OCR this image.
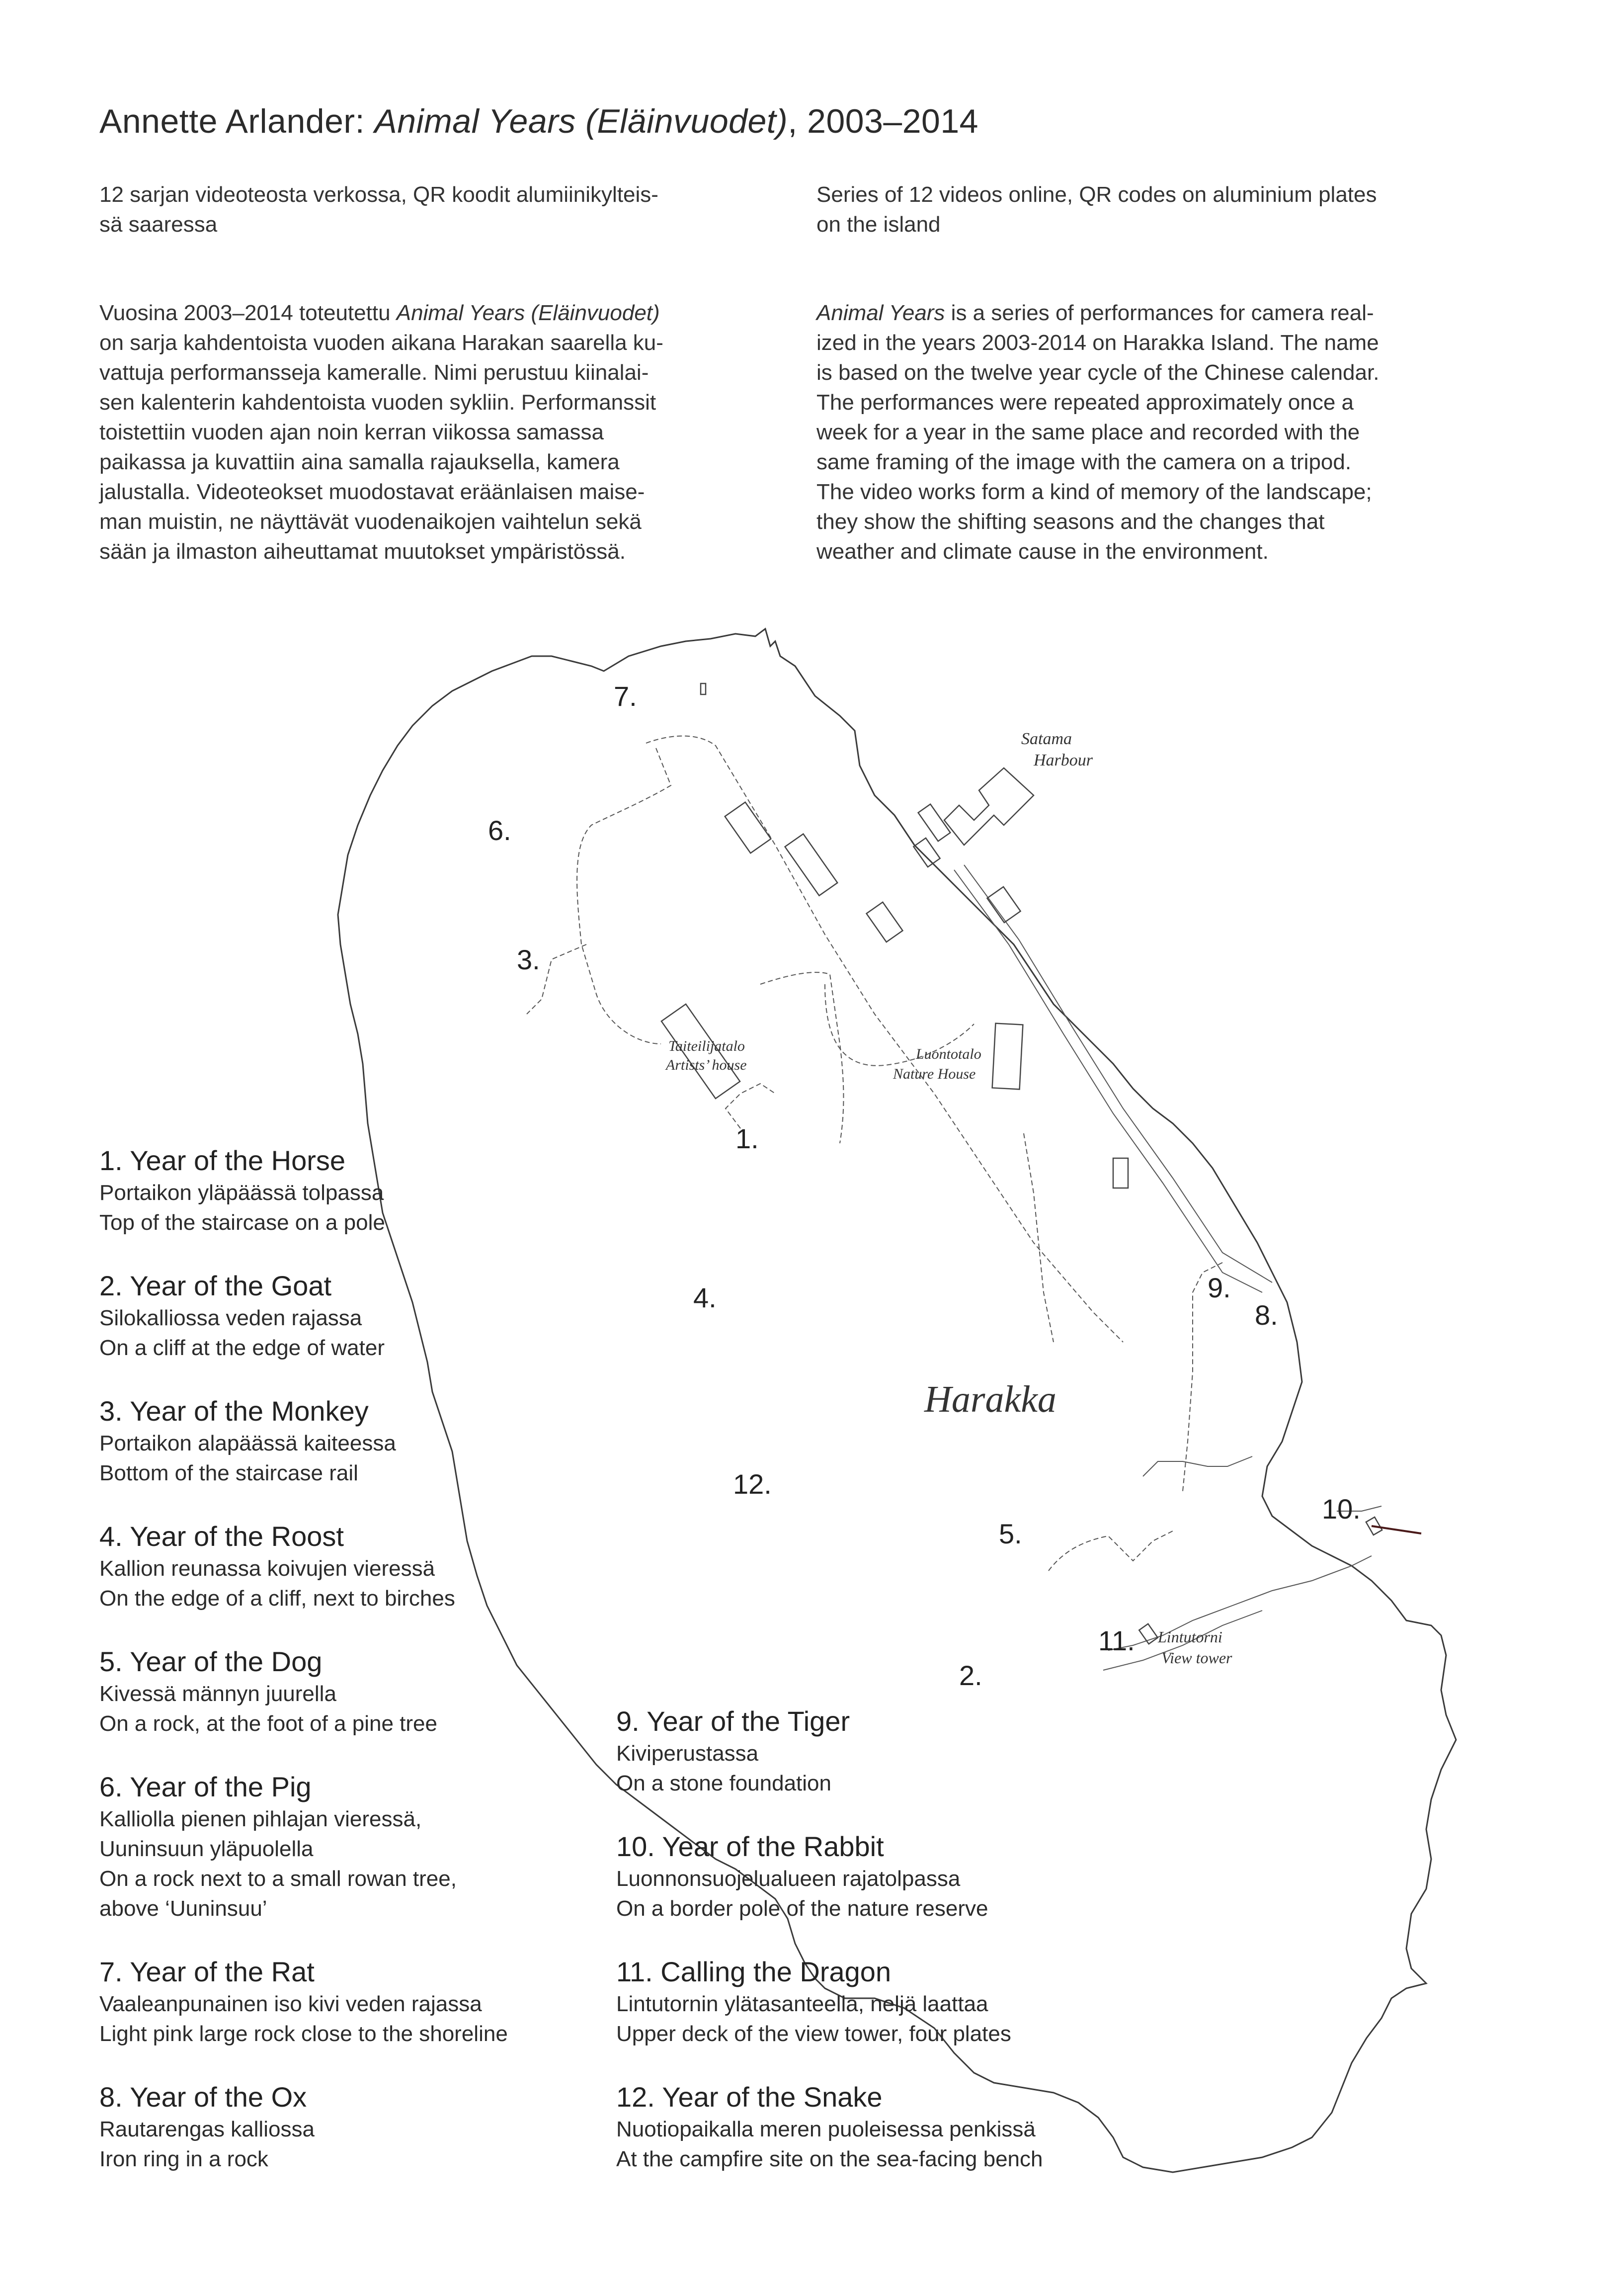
Satama
Harbour
Taiteilijatalo
Artists’ house
Luontotalo
Nature House
Lintutorni
View tower
Harakka
1.
2.
3.
4.
5.
6.
7.
8.
9.
10.
11.
12.
Annette Arlander: Animal Years (Eläinvuodet), 2003–2014
12 sarjan videoteosta verkossa, QR koodit alumiinikylteis-
sä saaressa
Series of 12 videos online, QR codes on aluminium plates
on the island
Vuosina 2003–2014 toteutettu Animal Years (Eläinvuodet)
on sarja kahdentoista vuoden aikana Harakan saarella ku-
vattuja performansseja kameralle. Nimi perustuu kiinalai-
sen kalenterin kahdentoista vuoden sykliin. Performanssit
toistettiin vuoden ajan noin kerran viikossa samassa
paikassa ja kuvattiin aina samalla rajauksella, kamera
jalustalla. Videoteokset muodostavat eräänlaisen maise-
man muistin, ne näyttävät vuodenaikojen vaihtelun sekä
sään ja ilmaston aiheuttamat muutokset ympäristössä.
Animal Years is a series of performances for camera real-
ized in the years 2003-2014 on Harakka Island. The name
is based on the twelve year cycle of the Chinese calendar.
The performances were repeated approximately once a
week for a year in the same place and recorded with the
same framing of the image with the camera on a tripod.
The video works form a kind of memory of the landscape;
they show the shifting seasons and the changes that
weather and climate cause in the environment.
1. Year of the Horse
Portaikon yläpäässä tolpassa
Top of the staircase on a pole
2. Year of the Goat
Silokalliossa veden rajassa
On a cliff at the edge of water
3. Year of the Monkey
Portaikon alapäässä kaiteessa
Bottom of the staircase rail
4. Year of the Roost
Kallion reunassa koivujen vieressä
On the edge of a cliff, next to birches
5. Year of the Dog
Kivessä männyn juurella
On a rock, at the foot of a pine tree
6. Year of the Pig
Kalliolla pienen pihlajan vieressä,
Uuninsuun yläpuolella
On a rock next to a small rowan tree,
above ‘Uuninsuu’
7. Year of the Rat
Vaaleanpunainen iso kivi veden rajassa
Light pink large rock close to the shoreline
8. Year of the Ox
Rautarengas kalliossa
Iron ring in a rock
9. Year of the Tiger
Kiviperustassa
On a stone foundation
10. Year of the Rabbit
Luonnonsuojelualueen rajatolpassa
On a border pole of the nature reserve
11. Calling the Dragon
Lintutornin ylätasanteella, neljä laattaa
Upper deck of the view tower, four plates
12. Year of the Snake
Nuotiopaikalla meren puoleisessa penkissä
At the campfire site on the sea-facing bench
